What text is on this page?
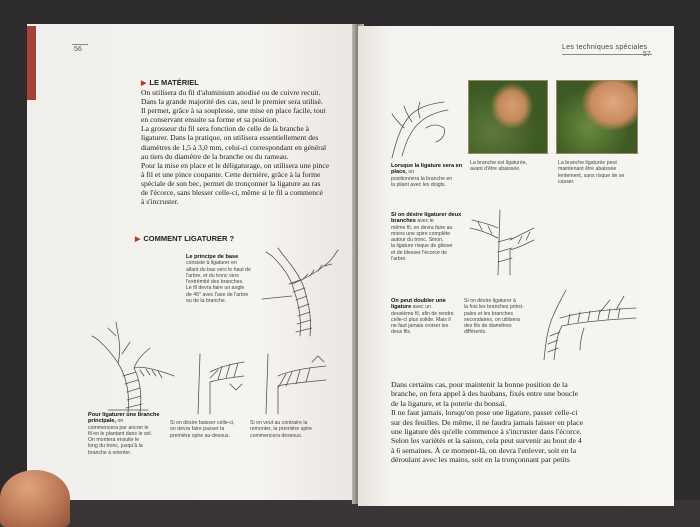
56
▶ LE MATÉRIEL
On utilisera du fil d'aluminium anodisé ou de cuivre recuit.
Dans la grande majorité des cas, seul le premier sera utilisé.
Il permet, grâce à sa souplesse, une mise en place facile, tout
en conservant ensuite sa forme et sa position.
La grosseur du fil sera fonction de celle de la branche à
ligaturer. Dans la pratique, on utilisera essentiellement des
diamètres de 1,5 à 3,0 mm, celui-ci correspondant en général
au tiers du diamètre de la branche ou du rameau.
Pour la mise en place et le déligaturage, on utilisera une pince
à fil et une pince coupante. Cette dernière, grâce à la forme
spéciale de son bec, permet de tronçonner la ligature au ras
de l'écorce, sans blesser celle-ci, même si le fil a commencé
à s'incruster.
▶ COMMENT LIGATURER ?
Le principe de base
consiste à ligaturer en
allant du bas vers le haut de
l'arbre, et du tronc vers
l'extrémité des branches.
Le fil devra faire un angle
de 45° avec l'axe de l'arbre
ou de la branche.
Pour ligaturer une branche principale, on
commencera par ancrer le
fil en le plantant dans le sol.
On montera ensuite le
long du tronc, jusqu'à la
branche à orienter.
Si on désire baisser celle-ci,
on devra faire passer la
première spire au-dessus.
Si on veut au contraire la
remonter, la première spire
commencera dessous.
Les techniques spéciales
Lorsque la ligature sera en place, on
positionnera la branche en
la pliant avec les doigts.
La branche est ligaturée,
avant d'être abaissée.
La branche ligaturée peut
maintenant être abaissée
lentement, sans risque de se
casser.
Si on désire ligaturer deux branches avec le
même fil, on devra faire au
moins une spire complète
autour du tronc. Sinon,
la ligature risque de glisser
et de blesser l'écorce de
l'arbre.
On peut doubler une ligature avec un
deuxième fil, afin de rendre
celle-ci plus solide. Mais il
ne faut jamais croiser les
deux fils.
Si on désire ligaturer à
la fois les branches princi-
pales et les branches
secondaires, on utilisera
des fils de diamètres
différents.
Dans certains cas, pour maintenir la bonne position de la
branche, on fera appel à des haubans, fixés entre une boucle
de la ligature, et la poterie du bonsaï.
Il ne faut jamais, lorsqu'on pose une ligature, passer celle-ci
sur des feuilles. De même, il ne faudra jamais laisser en place
une ligature dès qu'elle commence à s'incruster dans l'écorce.
Selon les variétés et la saison, cela peut survenir au bout de 4
à 6 semaines. À ce moment-là, on devra l'enlever, soit en la
déroulant avec les mains, soit en la tronçonnant par petits
